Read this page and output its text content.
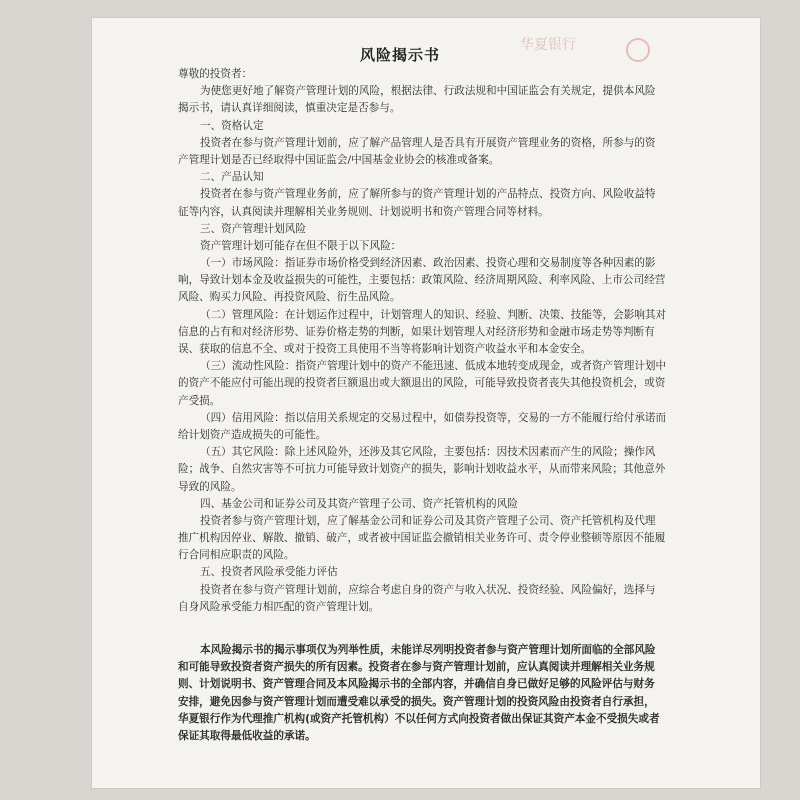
华夏银行
风险揭示书
尊敬的投资者：
为使您更好地了解资产管理计划的风险，根据法律、行政法规和中国证监会有关规定，提供本风险
揭示书，请认真详细阅读，慎重决定是否参与。
一、资格认定
投资者在参与资产管理计划前，应了解产品管理人是否具有开展资产管理业务的资格，所参与的资
产管理计划是否已经取得中国证监会/中国基金业协会的核准或备案。
二、产品认知
投资者在参与资产管理业务前，应了解所参与的资产管理计划的产品特点、投资方向、风险收益特
征等内容，认真阅读并理解相关业务规则、计划说明书和资产管理合同等材料。
三、资产管理计划风险
资产管理计划可能存在但不限于以下风险：
（一）市场风险：指证券市场价格受到经济因素、政治因素、投资心理和交易制度等各种因素的影
响，导致计划本金及收益损失的可能性，主要包括：政策风险、经济周期风险、利率风险、上市公司经营
风险、购买力风险、再投资风险、衍生品风险。
（二）管理风险：在计划运作过程中，计划管理人的知识、经验、判断、决策、技能等，会影响其对
信息的占有和对经济形势、证券价格走势的判断，如果计划管理人对经济形势和金融市场走势等判断有
误、获取的信息不全、或对于投资工具使用不当等将影响计划资产收益水平和本金安全。
（三）流动性风险：指资产管理计划中的资产不能迅速、低成本地转变成现金，或者资产管理计划中
的资产不能应付可能出现的投资者巨额退出或大额退出的风险，可能导致投资者丧失其他投资机会，或资
产受损。
（四）信用风险：指以信用关系规定的交易过程中，如债券投资等，交易的一方不能履行给付承诺而
给计划资产造成损失的可能性。
（五）其它风险：除上述风险外，还涉及其它风险，主要包括：因技术因素而产生的风险；操作风
险；战争、自然灾害等不可抗力可能导致计划资产的损失，影响计划收益水平，从而带来风险；其他意外
导致的风险。
四、基金公司和证券公司及其资产管理子公司、资产托管机构的风险
投资者参与资产管理计划，应了解基金公司和证券公司及其资产管理子公司、资产托管机构及代理
推广机构因停业、解散、撤销、破产，或者被中国证监会撤销相关业务许可、责令停业整顿等原因不能履
行合同相应职责的风险。
五、投资者风险承受能力评估
投资者在参与资产管理计划前，应综合考虑自身的资产与收入状况、投资经验、风险偏好，选择与
自身风险承受能力相匹配的资产管理计划。
本风险揭示书的揭示事项仅为列举性质，未能详尽列明投资者参与资产管理计划所面临的全部风险
和可能导致投资者资产损失的所有因素。投资者在参与资产管理计划前，应认真阅读并理解相关业务规
则、计划说明书、资产管理合同及本风险揭示书的全部内容，并确信自身已做好足够的风险评估与财务
安排，避免因参与资产管理计划而遭受难以承受的损失。资产管理计划的投资风险由投资者自行承担，
华夏银行作为代理推广机构(或资产托管机构）不以任何方式向投资者做出保证其资产本金不受损失或者
保证其取得最低收益的承诺。
